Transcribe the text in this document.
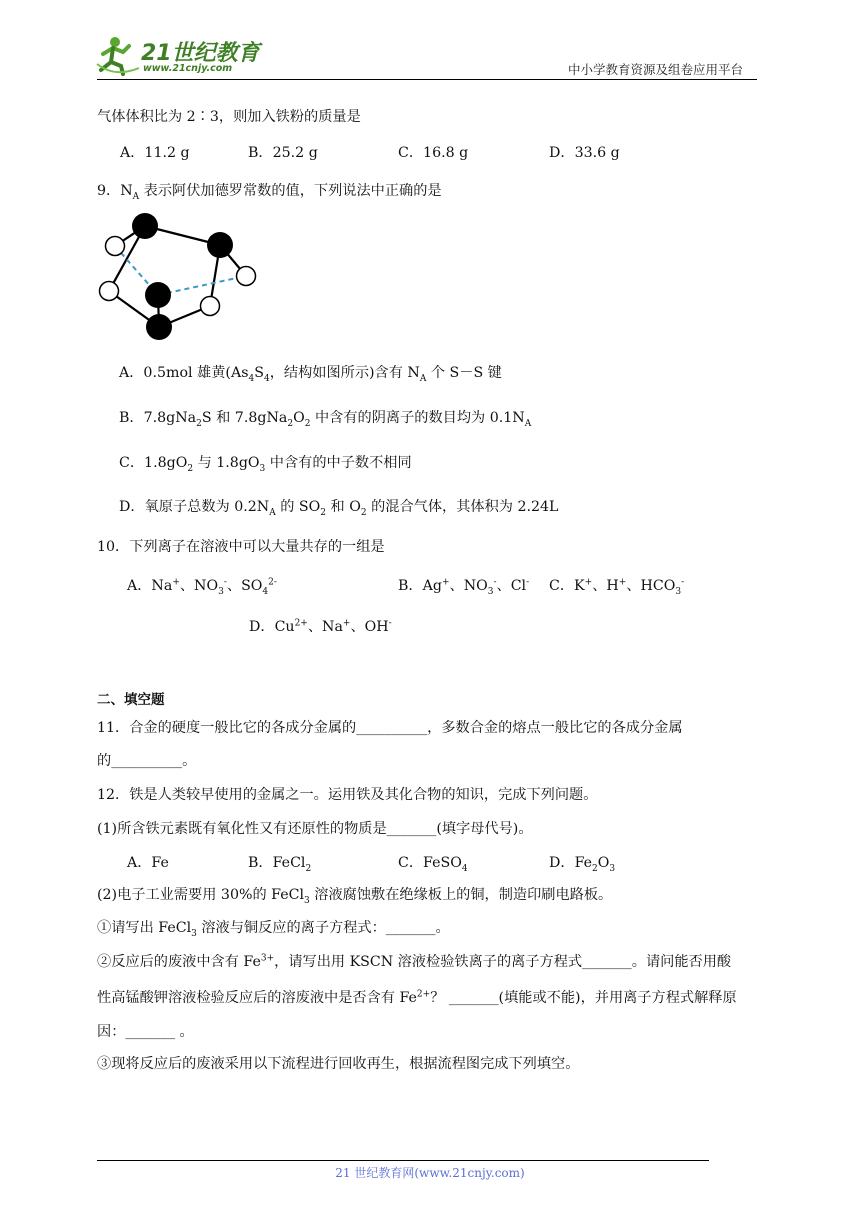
21世纪教育
www.21cnjy.com	中小学教育资源及组卷应用平台
气体体积比为 2∶3，则加入铁粉的质量是
A．11.2 g	B．25.2 g	C．16.8 g	D．33.6 g
9．$N_A$ 表示阿伏加德罗常数的值，下列说法中正确的是
A．0.5mol 雄黄($As_4S_4$，结构如图所示)含有 $N_A$ 个 S－S 键
B．7.8gNa$_2$S 和 $7.8gNa_2O_2$ 中含有的阴离子的数目均为 $0.1N_A$
C．$1.8gO_2$ 与 $1.8gO_3$ 中含有的中子数不相同
D．氧原子总数为 $0.2N_A$ 的 $SO_2$ 和 $O_2$ 的混合气体，其体积为 2.24L
10．下列离子在溶液中可以大量共存的一组是
A．Na+、$NO_3^-$、$SO_4^{2-}$	B．Ag+、$NO_3^-$、Cl- C．K+、H+、$HCO_3^-$
D．$Cu^{2+}$、Na+、OH-
二、填空题
11．合金的硬度一般比它的各成分金属的__________，多数合金的熔点一般比它的各成分金属
的__________。
12．铁是人类较早使用的金属之一。运用铁及其化合物的知识，完成下列问题。
(1)所含铁元素既有氧化性又有还原性的物质是_______(填字母代号)。
A．Fe	B．FeCl$_2$	C．FeSO$_4$	D．$Fe_2O_3$
(2)电子工业需要用 30%的 FeCl$_3$ 溶液腐蚀敷在绝缘板上的铜，制造印刷电路板。
①请写出 FeCl$_3$ 溶液与铜反应的离子方程式：_______。
②反应后的废液中含有 $Fe^{3+}$，请写出用 KSCN 溶液检验铁离子的离子方程式_______。请问能否用酸
性高锰酸钾溶液检验反应后的溶废液中是否含有 $Fe^{2+}$？ _______(填能或不能)，并用离子方程式解释原
因：_______ 。
③现将反应后的废液采用以下流程进行回收再生，根据流程图完成下列填空。
21 世纪教育网(www.21cnjy.com)
